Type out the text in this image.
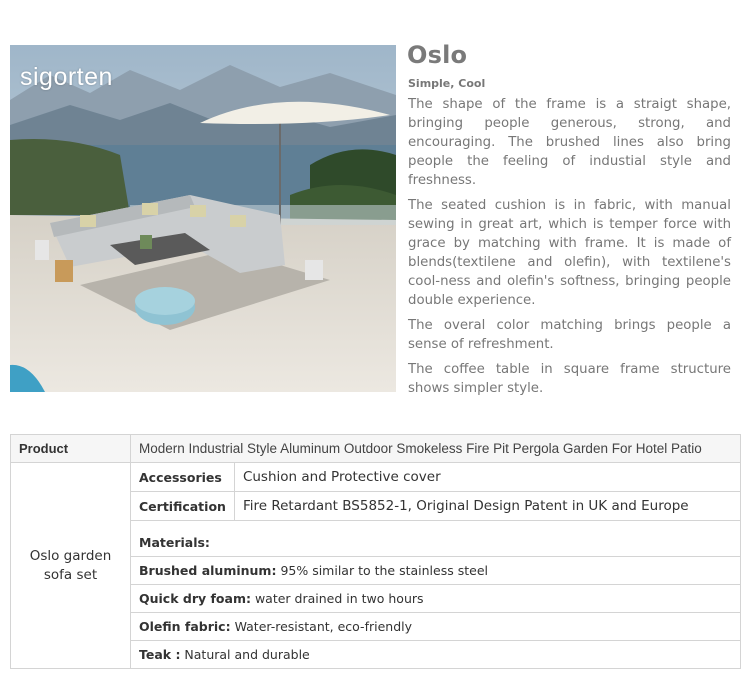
sigorten
Oslo
Simple, Cool

The shape of the frame is a straigt shape, bringing people generous, strong, and encouraging. The brushed lines also bring people the feeling of industial style and freshness.

The seated cushion is in fabric, with manual sewing in great art, which is temper force with grace by matching with frame. It is made of blends(textilene and olefin), with textilene's cool-ness and olefin's softness, bringing people double experience.

The overal color matching brings people a sense of refreshment.

The coffee table in square frame structure shows simpler style.

Product	Modern Industrial Style Aluminum Outdoor Smokeless Fire Pit Pergola Garden For Hotel Patio	
Oslo garden sofa set	Accessories	Cushion and Protective cover
	Certification	Fire Retardant BS5852-1, Original Design Patent in UK and Europe

	Materials:	
	Brushed aluminum: 95% similar to the stainless steel	
	Quick dry foam: water drained in two hours	
	Olefin fabric: Water-resistant, eco-friendly	
	Teak : Natural and durable	
